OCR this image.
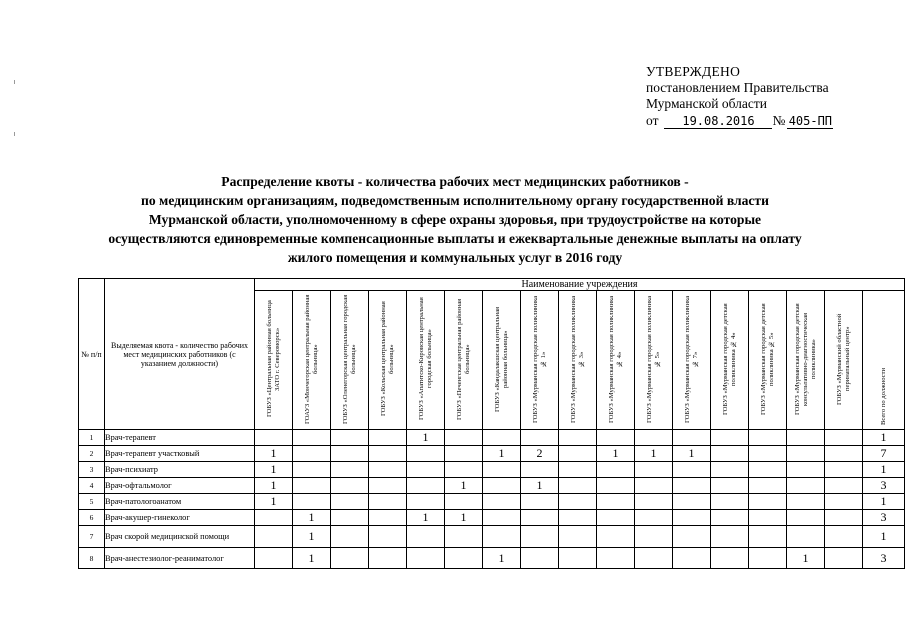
УТВЕРЖДЕНО
постановлением Правительства
Мурманской области
от 19.08.2016 № 405-ПП
Распределение квоты - количества рабочих мест медицинских работников -
по медицинским организациям, подведомственным исполнительному органу государственной власти
Мурманской области, уполномоченному в сфере охраны здоровья, при трудоустройстве на которые
осуществляются единовременные компенсационные выплаты и ежеквартальные денежные выплаты на оплату
жилого помещения и коммунальных услуг в 2016 году
№ п/п	Выделяемая квота - количество рабочих мест медицинских работников (с указанием должности)	Наименование учреждения																

		ГОБУЗ «Центральная районная больница ЗАТО г. Североморск»	ГОАУЗ «Мончегорская центральная районная больница»	ГОБУЗ «Оленегорская центральная городская больница»	ГОБУЗ «Кольская центральная районная больница»	ГОБУЗ «Апатитско-Кировская центральная городская больница»	ГОБУЗ «Печенгская центральная районная больница»	ГОБУЗ «Кандалакшская центральная районная больница»	ГОБУЗ «Мурманская городская поликлиника № 1»	ГОБУЗ «Мурманская городская поликлиника № 3»	ГОБУЗ «Мурманская городская поликлиника № 4»	ГОБУЗ «Мурманская городская поликлиника № 5»	ГОБУЗ «Мурманская городская поликлиника № 7»	ГОБУЗ «Мурманская городская детская поликлиника № 4»	ГОБУЗ «Мурманская городская детская поликлиника № 5»	ГОБУЗ «Мурманская городская детская консультативно-диагностическая поликлиника»	ГОБУЗ «Мурманский областной перинатальный центр»	Всего по должности

1	Врач-терапевт					1												1
2	Врач-терапевт участковый	1						1	2		1	1	1					7
3	Врач-психиатр	1																1
4	Врач-офтальмолог	1					1		1									3
5	Врач-патологоанатом	1																1
6	Врач-акушер-гинеколог		1			1	1											3
7	Врач скорой медицинской помощи		1															1
8	Врач-анестезиолог-реаниматолог		1					1								1		3
